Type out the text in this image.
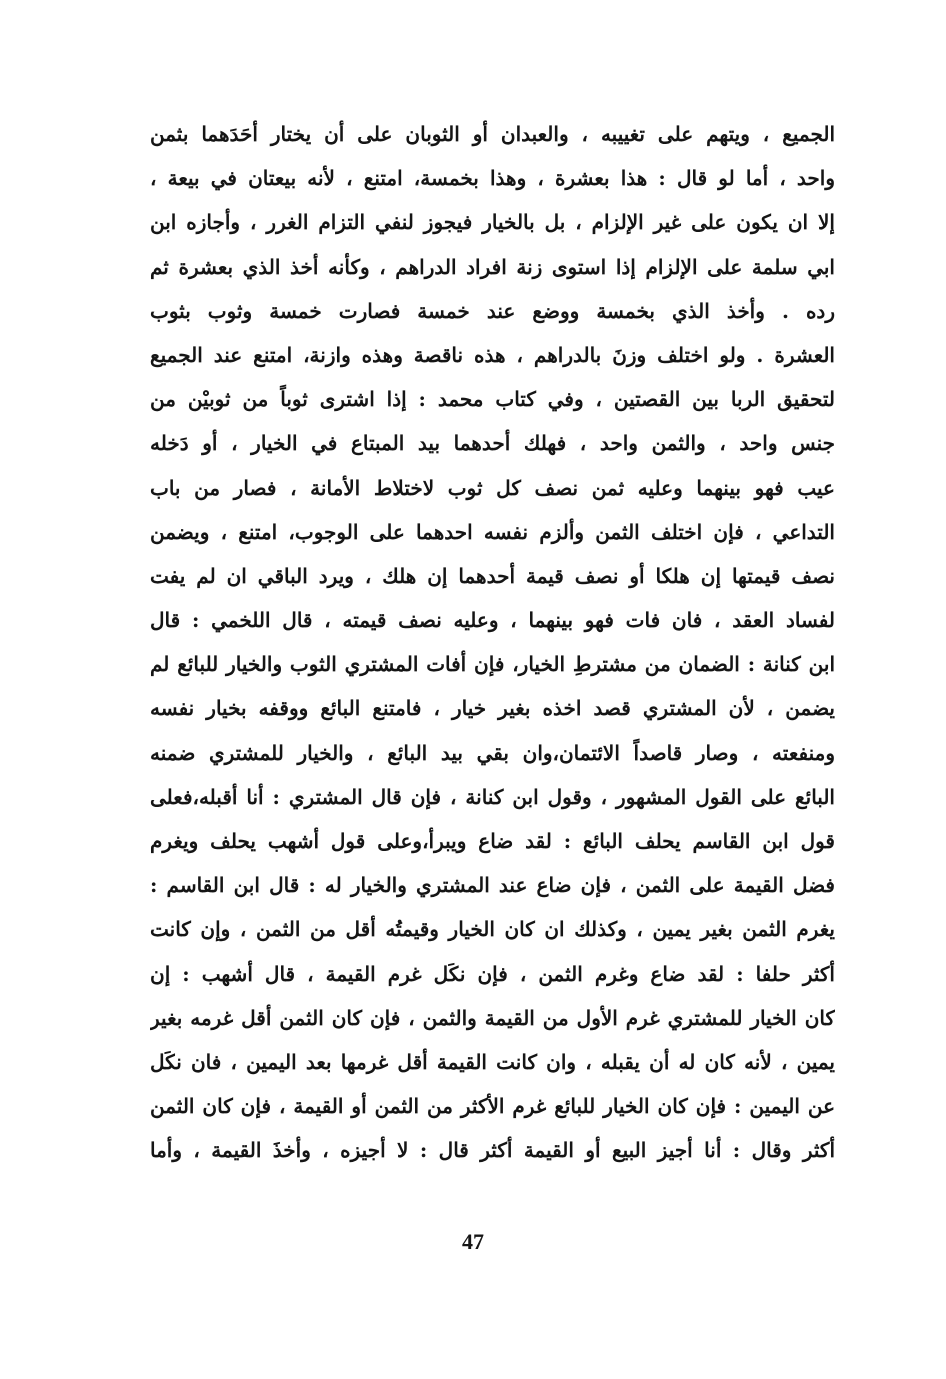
الجميع ، ويتهم على تغييبه ، والعبدان أو الثوبان على أن يختار أحَدَهما بثمن
واحد ، أما لو قال : هذا بعشرة ، وهذا بخمسة، امتنع ، لأنه بيعتان في بيعة ،
إلا ان يكون على غير الإلزام ، بل بالخيار فيجوز لنفي التزام الغرر ، وأجازه ابن
ابي سلمة على الإلزام إذا استوى زنة افراد الدراهم ، وكأنه أخذ الذي بعشرة ثم
رده . وأخذ الذي بخمسة ووضع عند خمسة فصارت خمسة وثوب بثوب
العشرة . ولو اختلف وزنَ بالدراهم ، هذه ناقصة وهذه وازنة، امتنع عند الجميع
لتحقيق الربا بين القصتين ، وفي كتاب محمد : إذا اشترى ثوباً من ثوبيْن من
جنس واحد ، والثمن واحد ، فهلك أحدهما بيد المبتاع في الخيار ، أو دَخله
عيب فهو بينهما وعليه ثمن نصف كل ثوب لاختلاط الأمانة ، فصار من باب
التداعي ، فإن اختلف الثمن وألزم نفسه احدهما على الوجوب، امتنع ، ويضمن
نصف قيمتها إن هلكا أو نصف قيمة أحدهما إن هلك ، ويرد الباقي ان لم يفت
لفساد العقد ، فان فات فهو بينهما ، وعليه نصف قيمته ، قال اللخمي : قال
ابن كنانة : الضمان من مشترطِ الخيار، فإن أفات المشتري الثوب والخيار للبائع لم
يضمن ، لأن المشتري قصد اخذه بغير خيار ، فامتنع البائع ووقفه بخيار نفسه
ومنفعته ، وصار قاصداً الائتمان،وان بقي بيد البائع ، والخيار للمشتري ضمنه
البائع على القول المشهور ، وقول ابن كنانة ، فإن قال المشتري : أنا أقبله،فعلى
قول ابن القاسم يحلف البائع : لقد ضاع ويبرأ،وعلى قول أشهب يحلف ويغرم
فضل القيمة على الثمن ، فإن ضاع عند المشتري والخيار له : قال ابن القاسم :
يغرم الثمن بغير يمين ، وكذلك ان كان الخيار وقيمتُه أقل من الثمن ، وإن كانت
أكثر حلفا : لقد ضاع وغرم الثمن ، فإن نكَل غرم القيمة ، قال أشهب : إن
كان الخيار للمشتري غرم الأول من القيمة والثمن ، فإن كان الثمن أقل غرمه بغير
يمين ، لأنه كان له أن يقبله ، وان كانت القيمة أقل غرمها بعد اليمين ، فان نكَل
عن اليمين : فإن كان الخيار للبائع غرم الأكثر من الثمن أو القيمة ، فإن كان الثمن
أكثر وقال : أنا أجيز البيع أو القيمة أكثر قال : لا أجيزه ، وأخذَ القيمة ، وأما
47
